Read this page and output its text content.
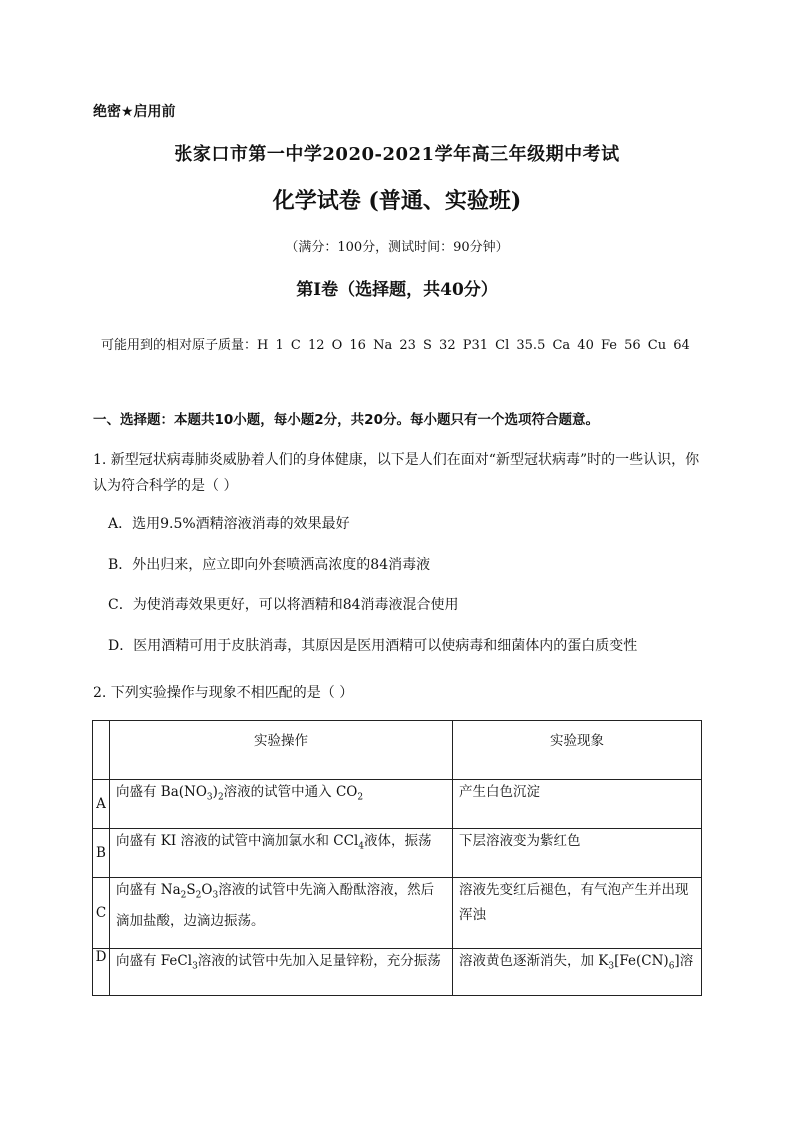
绝密★启用前
张家口市第一中学2020-2021学年高三年级期中考试
化学试卷 (普通、实验班)
（满分：100分，测试时间：90分钟）
第Ⅰ卷（选择题，共40分）
可能用到的相对原子质量：H 1 C 12 O 16 Na 23 S 32 P31 Cl 35.5 Ca 40 Fe 56 Cu 64
一、选择题：本题共10小题，每小题2分，共20分。每小题只有一个选项符合题意。
1. 新型冠状病毒肺炎威胁着人们的身体健康，以下是人们在面对“新型冠状病毒”时的一些认识，你认为符合科学的是（ ）
A．选用9.5%酒精溶液消毒的效果最好
B．外出归来，应立即向外套喷洒高浓度的84消毒液
C．为使消毒效果更好，可以将酒精和84消毒液混合使用
D．医用酒精可用于皮肤消毒，其原因是医用酒精可以使病毒和细菌体内的蛋白质变性
2. 下列实验操作与现象不相匹配的是（ ）
	实验操作	实验现象
A	向盛有 $Ba(NO_3)_2$溶液的试管中通入 $CO_2$	产生白色沉淀
B	向盛有 KI 溶液的试管中滴加氯水和 CCl$_4$液体，振荡	下层溶液变为紫红色
C	向盛有 $Na_2S_2O_3$溶液的试管中先滴入酚酞溶液，然后滴加盐酸，边滴边振荡。	溶液先变红后褪色，有气泡产生并出现浑浊
D	向盛有 FeCl$_3$溶液的试管中先加入足量锌粉，充分振荡	溶液黄色逐渐消失，加 $K_3[Fe(CN)_6]$溶
